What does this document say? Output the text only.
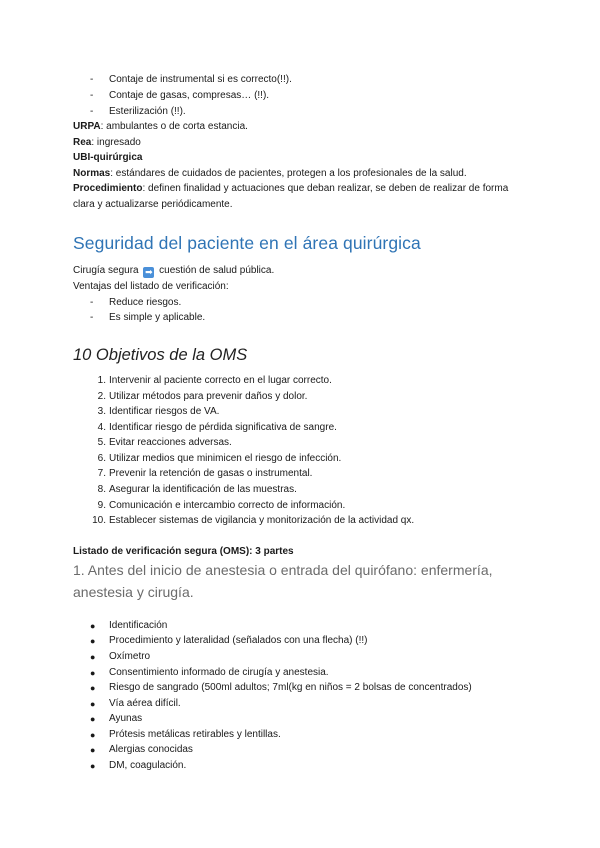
- Contaje de instrumental si es correcto(!!).
- Contaje de gasas, compresas… (!!).
- Esterilización (!!).
URPA: ambulantes o de corta estancia.
Rea: ingresado
UBI-quirúrgica
Normas: estándares de cuidados de pacientes, protegen a los profesionales de la salud.
Procedimiento: definen finalidad y actuaciones que deban realizar, se deben de realizar de forma
clara y actualizarse periódicamente.
Seguridad del paciente en el área quirúrgica
Cirugía segura ➡ cuestión de salud pública.
Ventajas del listado de verificación:
- Reduce riesgos.
- Es simple y aplicable.
10 Objetivos de la OMS
1. Intervenir al paciente correcto en el lugar correcto.
2. Utilizar métodos para prevenir daños y dolor.
3. Identificar riesgos de VA.
4. Identificar riesgo de pérdida significativa de sangre.
5. Evitar reacciones adversas.
6. Utilizar medios que minimicen el riesgo de infección.
7. Prevenir la retención de gasas o instrumental.
8. Asegurar la identificación de las muestras.
9. Comunicación e intercambio correcto de información.
10. Establecer sistemas de vigilancia y monitorización de la actividad qx.
Listado de verificación segura (OMS): 3 partes
1. Antes del inicio de anestesia o entrada del quirófano: enfermería,
anestesia y cirugía.
● Identificación
● Procedimiento y lateralidad (señalados con una flecha) (!!)
● Oxímetro
● Consentimiento informado de cirugía y anestesia.
● Riesgo de sangrado (500ml adultos; 7ml(kg en niños = 2 bolsas de concentrados)
● Vía aérea difícil.
● Ayunas
● Prótesis metálicas retirables y lentillas.
● Alergias conocidas
● DM, coagulación.
